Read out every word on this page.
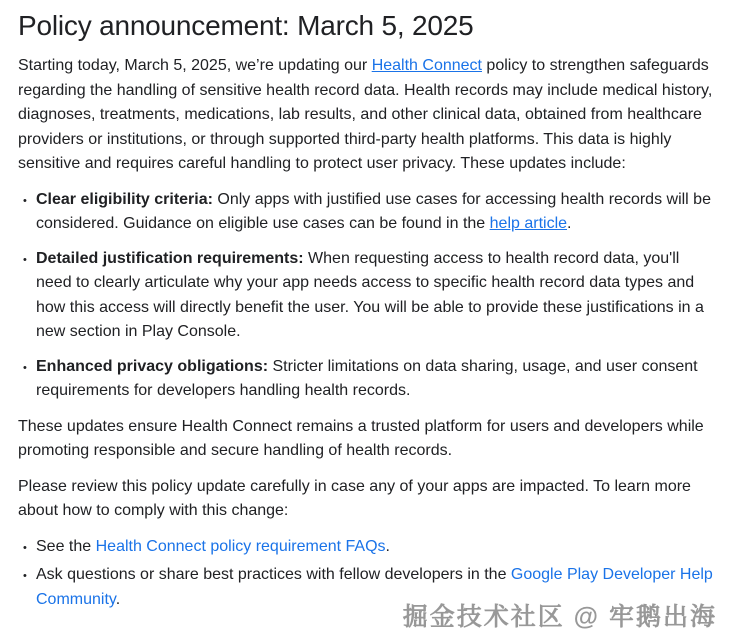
Policy announcement: March 5, 2025

Starting today, March 5, 2025, we’re updating our Health Connect policy to strengthen safeguards regarding the handling of sensitive health record data. Health records may include medical history, diagnoses, treatments, medications, lab results, and other clinical data, obtained from healthcare providers or institutions, or through supported third-party health platforms. This data is highly sensitive and requires careful handling to protect user privacy. These updates include:

• Clear eligibility criteria: Only apps with justified use cases for accessing health records will be considered. Guidance on eligible use cases can be found in the help article.
• Detailed justification requirements: When requesting access to health record data, you'll need to clearly articulate why your app needs access to specific health record data types and how this access will directly benefit the user. You will be able to provide these justifications in a new section in Play Console.
• Enhanced privacy obligations: Stricter limitations on data sharing, usage, and user consent requirements for developers handling health records.

These updates ensure Health Connect remains a trusted platform for users and developers while promoting responsible and secure handling of health records.

Please review this policy update carefully in case any of your apps are impacted. To learn more about how to comply with this change:

• See the Health Connect policy requirement FAQs.
• Ask questions or share best practices with fellow developers in the Google Play Developer Help Community.
掘金技术社区 @ 牢鹅出海
